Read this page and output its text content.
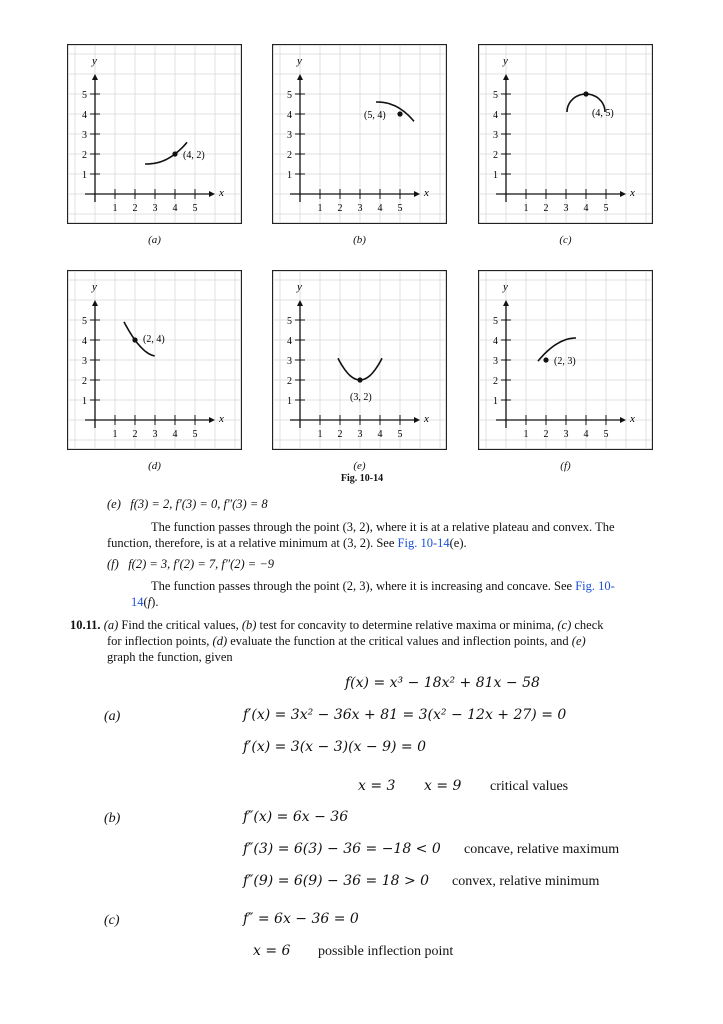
x
y
1 2 3 4 5
1
2
3
4
5
(4, 2)
(a)
x
y
1 2 3 4 5
1
2
3
4
5
(5, 4)
(b)
x
y
1 2 3 4 5
1
2
3
4
5
(4, 5)
(c)
x
y
1 2 3 4 5
1
2
3
4
5
(2, 4)
(d)
x
y
1 2 3 4 5
1
2
3
4
5
(3, 2)
(e)
x
y
1 2 3 4 5
1
2
3
4
5
(2, 3)
(f)
Fig. 10-14
(e) f(3) = 2, f′(3) = 0, f″(3) = 8
The function passes through the point (3, 2), where it is at a relative plateau and convex. The
function, therefore, is at a relative minimum at (3, 2). See Fig. 10-14(e).
(f) f(2) = 3, f′(2) = 7, f″(2) = −9
The function passes through the point (2, 3), where it is increasing and concave. See Fig. 10-
14(f).
10.11. (a) Find the critical values, (b) test for concavity to determine relative maxima or minima, (c) check
for inflection points, (d) evaluate the function at the critical values and inflection points, and (e)
graph the function, given
f(x) = x³ − 18x² + 81x − 58
(a)	f′(x) = 3x² − 36x + 81 = 3(x² − 12x + 27) = 0
f′(x) = 3(x − 3)(x − 9) = 0
x = 3 x = 9 critical values
(b)	f″(x) = 6x − 36
f″(3) = 6(3) − 36 = −18 < 0 concave, relative maximum
f″(9) = 6(9) − 36 = 18 > 0 convex, relative minimum
(c)	f″ = 6x − 36 = 0
x = 6 possible inflection point
